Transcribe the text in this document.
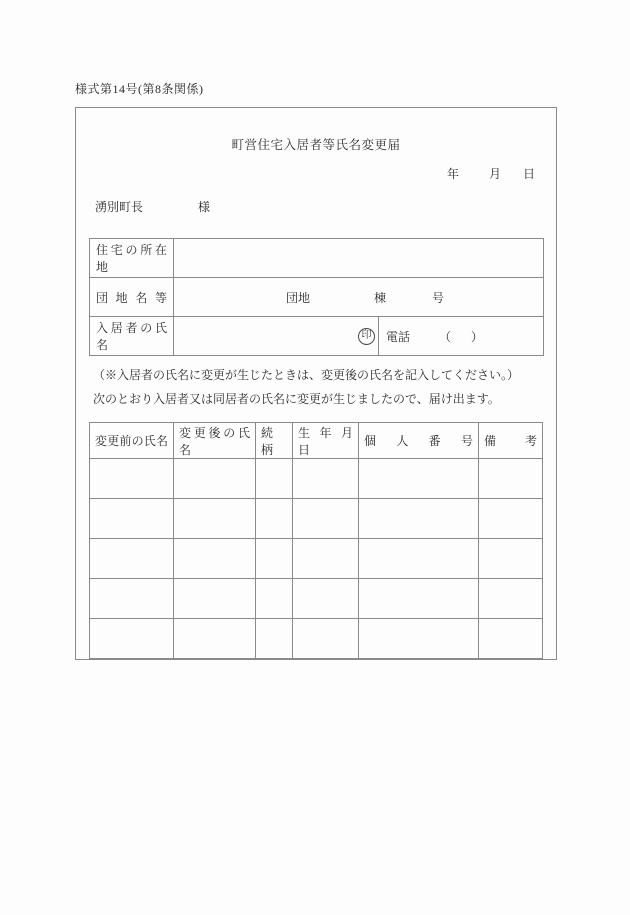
様式第14号(第8条関係)
町営住宅入居者等氏名変更届
年	月 日
湧別町長	様
住宅の所在地		
団 地 名 等	団地 棟 号	
入居者の氏名	印	電話 （　）
（※入居者の氏名に変更が生じたときは、変更後の氏名を記入してください。）
次のとおり入居者又は同居者の氏名に変更が生じましたので、届け出ます。
変更前の氏名	変更後の氏名	続 柄	生 年 月 日	個 人 番 号	備 考
